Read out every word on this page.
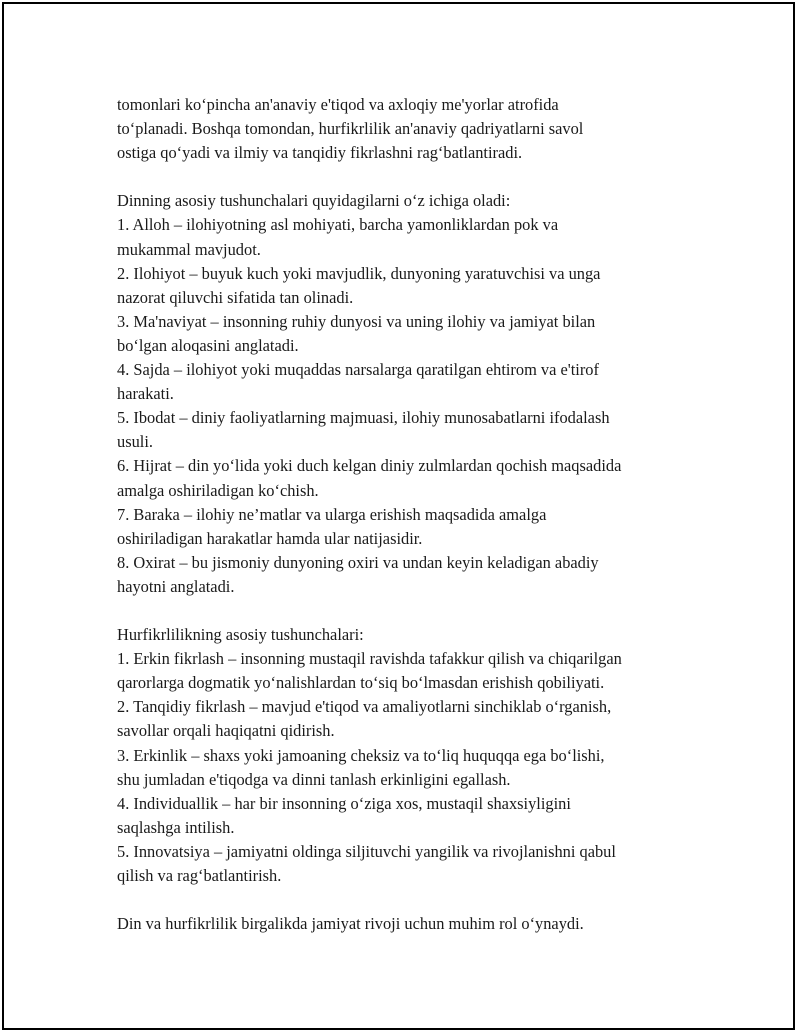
tomonlari ko‘pincha an'anaviy e'tiqod va axloqiy me'yorlar atrofida
to‘planadi. Boshqa tomondan, hurfikrlilik an'anaviy qadriyatlarni savol
ostiga qo‘yadi va ilmiy va tanqidiy fikrlashni rag‘batlantiradi.

Dinning asosiy tushunchalari quyidagilarni o‘z ichiga oladi:

1. Alloh – ilohiyotning asl mohiyati, barcha yamonliklardan pok va
mukammal mavjudot.
2. Ilohiyot – buyuk kuch yoki mavjudlik, dunyoning yaratuvchisi va unga
nazorat qiluvchi sifatida tan olinadi.
3. Ma'naviyat – insonning ruhiy dunyosi va uning ilohiy va jamiyat bilan
bo‘lgan aloqasini anglatadi.
4. Sajda – ilohiyot yoki muqaddas narsalarga qaratilgan ehtirom va e'tirof
harakati.
5. Ibodat – diniy faoliyatlarning majmuasi, ilohiy munosabatlarni ifodalash
usuli.
6. Hijrat – din yo‘lida yoki duch kelgan diniy zulmlardan qochish maqsadida
amalga oshiriladigan ko‘chish.
7. Baraka – ilohiy ne’matlar va ularga erishish maqsadida amalga
oshiriladigan harakatlar hamda ular natijasidir.
8. Oxirat – bu jismoniy dunyoning oxiri va undan keyin keladigan abadiy
hayotni anglatadi.

Hurfikrlilikning asosiy tushunchalari:

1. Erkin fikrlash – insonning mustaqil ravishda tafakkur qilish va chiqarilgan
qarorlarga dogmatik yo‘nalishlardan to‘siq bo‘lmasdan erishish qobiliyati.
2. Tanqidiy fikrlash – mavjud e'tiqod va amaliyotlarni sinchiklab o‘rganish,
savollar orqali haqiqatni qidirish.
3. Erkinlik – shaxs yoki jamoaning cheksiz va to‘liq huquqqa ega bo‘lishi,
shu jumladan e'tiqodga va dinni tanlash erkinligini egallash.
4. Individuallik – har bir insonning o‘ziga xos, mustaqil shaxsiyligini
saqlashga intilish.
5. Innovatsiya – jamiyatni oldinga siljituvchi yangilik va rivojlanishni qabul
qilish va rag‘batlantirish.

Din va hurfikrlilik birgalikda jamiyat rivoji uchun muhim rol o‘ynaydi.
